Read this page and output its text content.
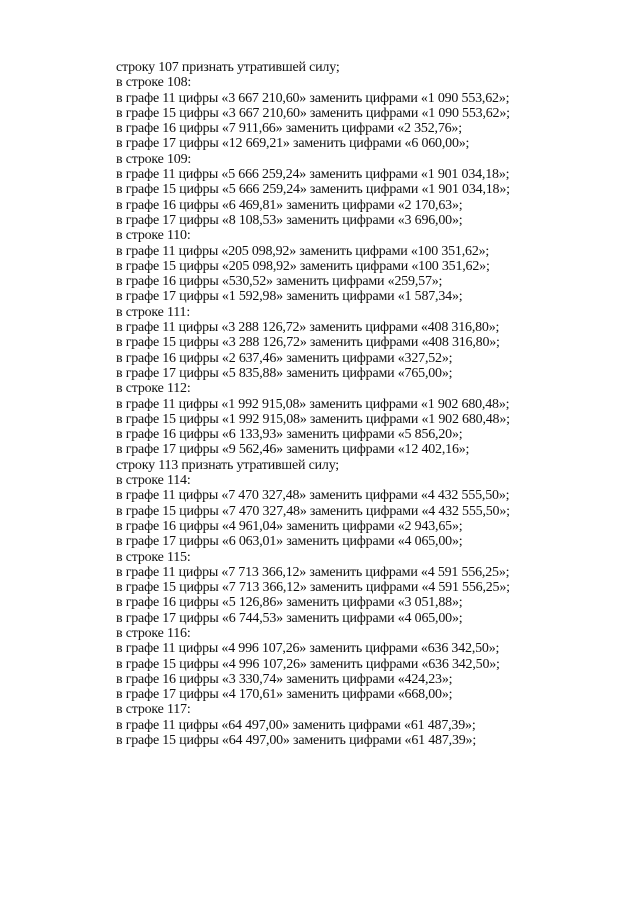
строку 107 признать утратившей силу;
в строке 108:
в графе 11 цифры «3 667 210,60» заменить цифрами «1 090 553,62»;
в графе 15 цифры «3 667 210,60» заменить цифрами «1 090 553,62»;
в графе 16 цифры «7 911,66» заменить цифрами «2 352,76»;
в графе 17 цифры «12 669,21» заменить цифрами «6 060,00»;
в строке 109:
в графе 11 цифры «5 666 259,24» заменить цифрами «1 901 034,18»;
в графе 15 цифры «5 666 259,24» заменить цифрами «1 901 034,18»;
в графе 16 цифры «6 469,81» заменить цифрами «2 170,63»;
в графе 17 цифры «8 108,53» заменить цифрами «3 696,00»;
в строке 110:
в графе 11 цифры «205 098,92» заменить цифрами «100 351,62»;
в графе 15 цифры «205 098,92» заменить цифрами «100 351,62»;
в графе 16 цифры «530,52» заменить цифрами «259,57»;
в графе 17 цифры «1 592,98» заменить цифрами «1 587,34»;
в строке 111:
в графе 11 цифры «3 288 126,72» заменить цифрами «408 316,80»;
в графе 15 цифры «3 288 126,72» заменить цифрами «408 316,80»;
в графе 16 цифры «2 637,46» заменить цифрами «327,52»;
в графе 17 цифры «5 835,88» заменить цифрами «765,00»;
в строке 112:
в графе 11 цифры «1 992 915,08» заменить цифрами «1 902 680,48»;
в графе 15 цифры «1 992 915,08» заменить цифрами «1 902 680,48»;
в графе 16 цифры «6 133,93» заменить цифрами «5 856,20»;
в графе 17 цифры «9 562,46» заменить цифрами «12 402,16»;
строку 113 признать утратившей силу;
в строке 114:
в графе 11 цифры «7 470 327,48» заменить цифрами «4 432 555,50»;
в графе 15 цифры «7 470 327,48» заменить цифрами «4 432 555,50»;
в графе 16 цифры «4 961,04» заменить цифрами «2 943,65»;
в графе 17 цифры «6 063,01» заменить цифрами «4 065,00»;
в строке 115:
в графе 11 цифры «7 713 366,12» заменить цифрами «4 591 556,25»;
в графе 15 цифры «7 713 366,12» заменить цифрами «4 591 556,25»;
в графе 16 цифры «5 126,86» заменить цифрами «3 051,88»;
в графе 17 цифры «6 744,53» заменить цифрами «4 065,00»;
в строке 116:
в графе 11 цифры «4 996 107,26» заменить цифрами «636 342,50»;
в графе 15 цифры «4 996 107,26» заменить цифрами «636 342,50»;
в графе 16 цифры «3 330,74» заменить цифрами «424,23»;
в графе 17 цифры «4 170,61» заменить цифрами «668,00»;
в строке 117:
в графе 11 цифры «64 497,00» заменить цифрами «61 487,39»;
в графе 15 цифры «64 497,00» заменить цифрами «61 487,39»;
